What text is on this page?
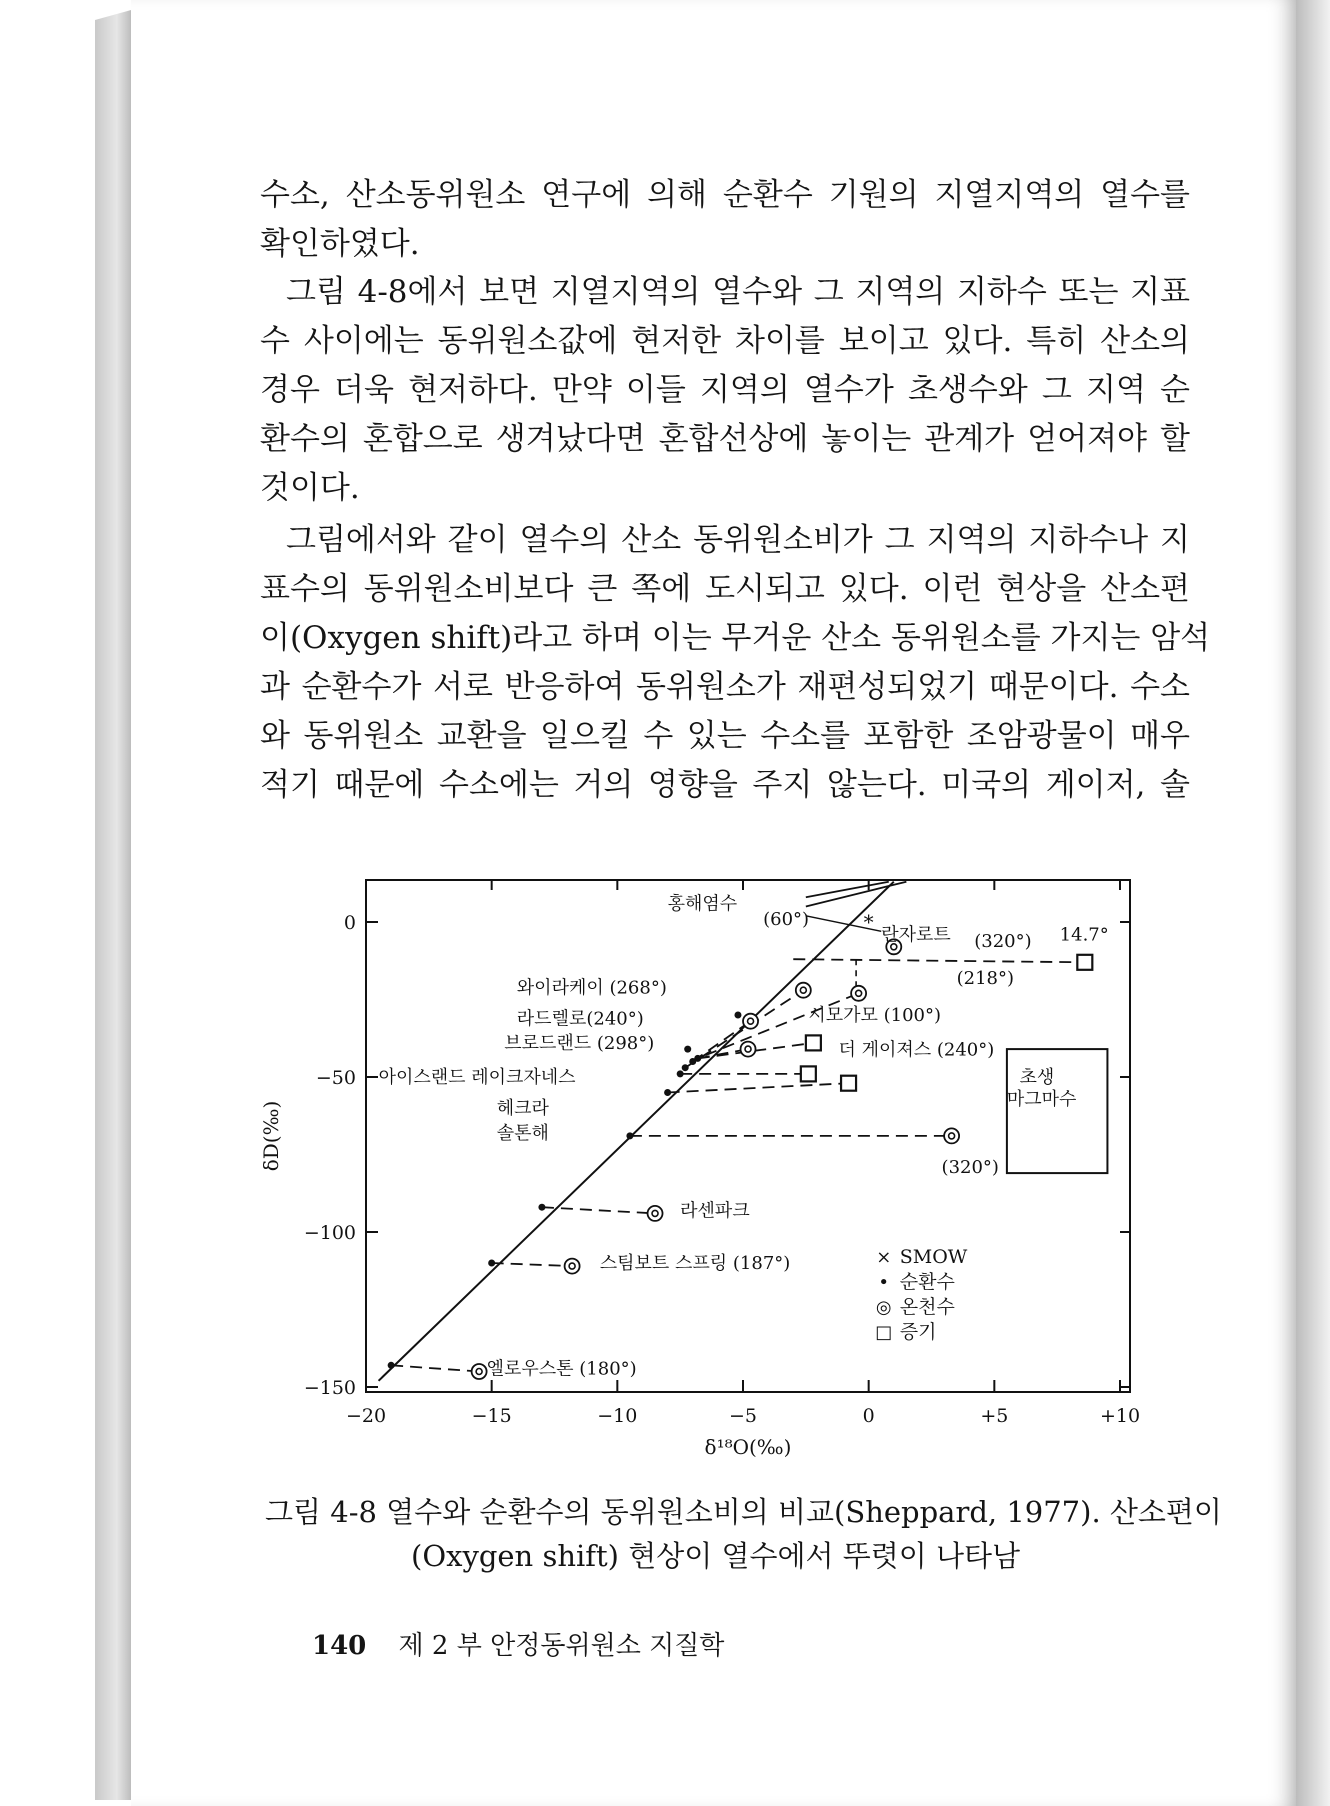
수소, 산소동위원소 연구에 의해 순환수 기원의 지열지역의 열수를
확인하였다.
그림 4-8에서 보면 지열지역의 열수와 그 지역의 지하수 또는 지표
수 사이에는 동위원소값에 현저한 차이를 보이고 있다. 특히 산소의
경우 더욱 현저하다. 만약 이들 지역의 열수가 초생수와 그 지역 순
환수의 혼합으로 생겨났다면 혼합선상에 놓이는 관계가 얻어져야 할
것이다.
그림에서와 같이 열수의 산소 동위원소비가 그 지역의 지하수나 지
표수의 동위원소비보다 큰 쪽에 도시되고 있다. 이런 현상을 산소편
이(Oxygen shift)라고 하며 이는 무거운 산소 동위원소를 가지는 암석
과 순환수가 서로 반응하여 동위원소가 재편성되었기 때문이다. 수소
와 동위원소 교환을 일으킬 수 있는 수소를 포함한 조암광물이 매우
적기 때문에 수소에는 거의 영향을 주지 않는다. 미국의 게이저, 솔
−20	−15	−10	−5	0	+5	+10
0
−50
−100
−150
δ¹⁸O(‰)
δD(‰)
*
홍해염수
(60°)
란자로트 (320°) 14.7°
(218°)
와이라케이 (268°)
라드렐로(240°)	시모가모 (100°)
브로드랜드 (298°)	더 게이져스 (240°)
아이스랜드 레이크자네스	초생
마그마수
헤크라
솔톤해
(320°)
라센파크
스팀보트 스프링 (187°)
엘로우스톤 (180°)
× SMOW
• 순환수
◎ 온천수
□ 증기
그림 4-8 열수와 순환수의 동위원소비의 비교(Sheppard, 1977). 산소편이
(Oxygen shift) 현상이 열수에서 뚜렷이 나타남
140 제 2 부 안정동위원소 지질학
